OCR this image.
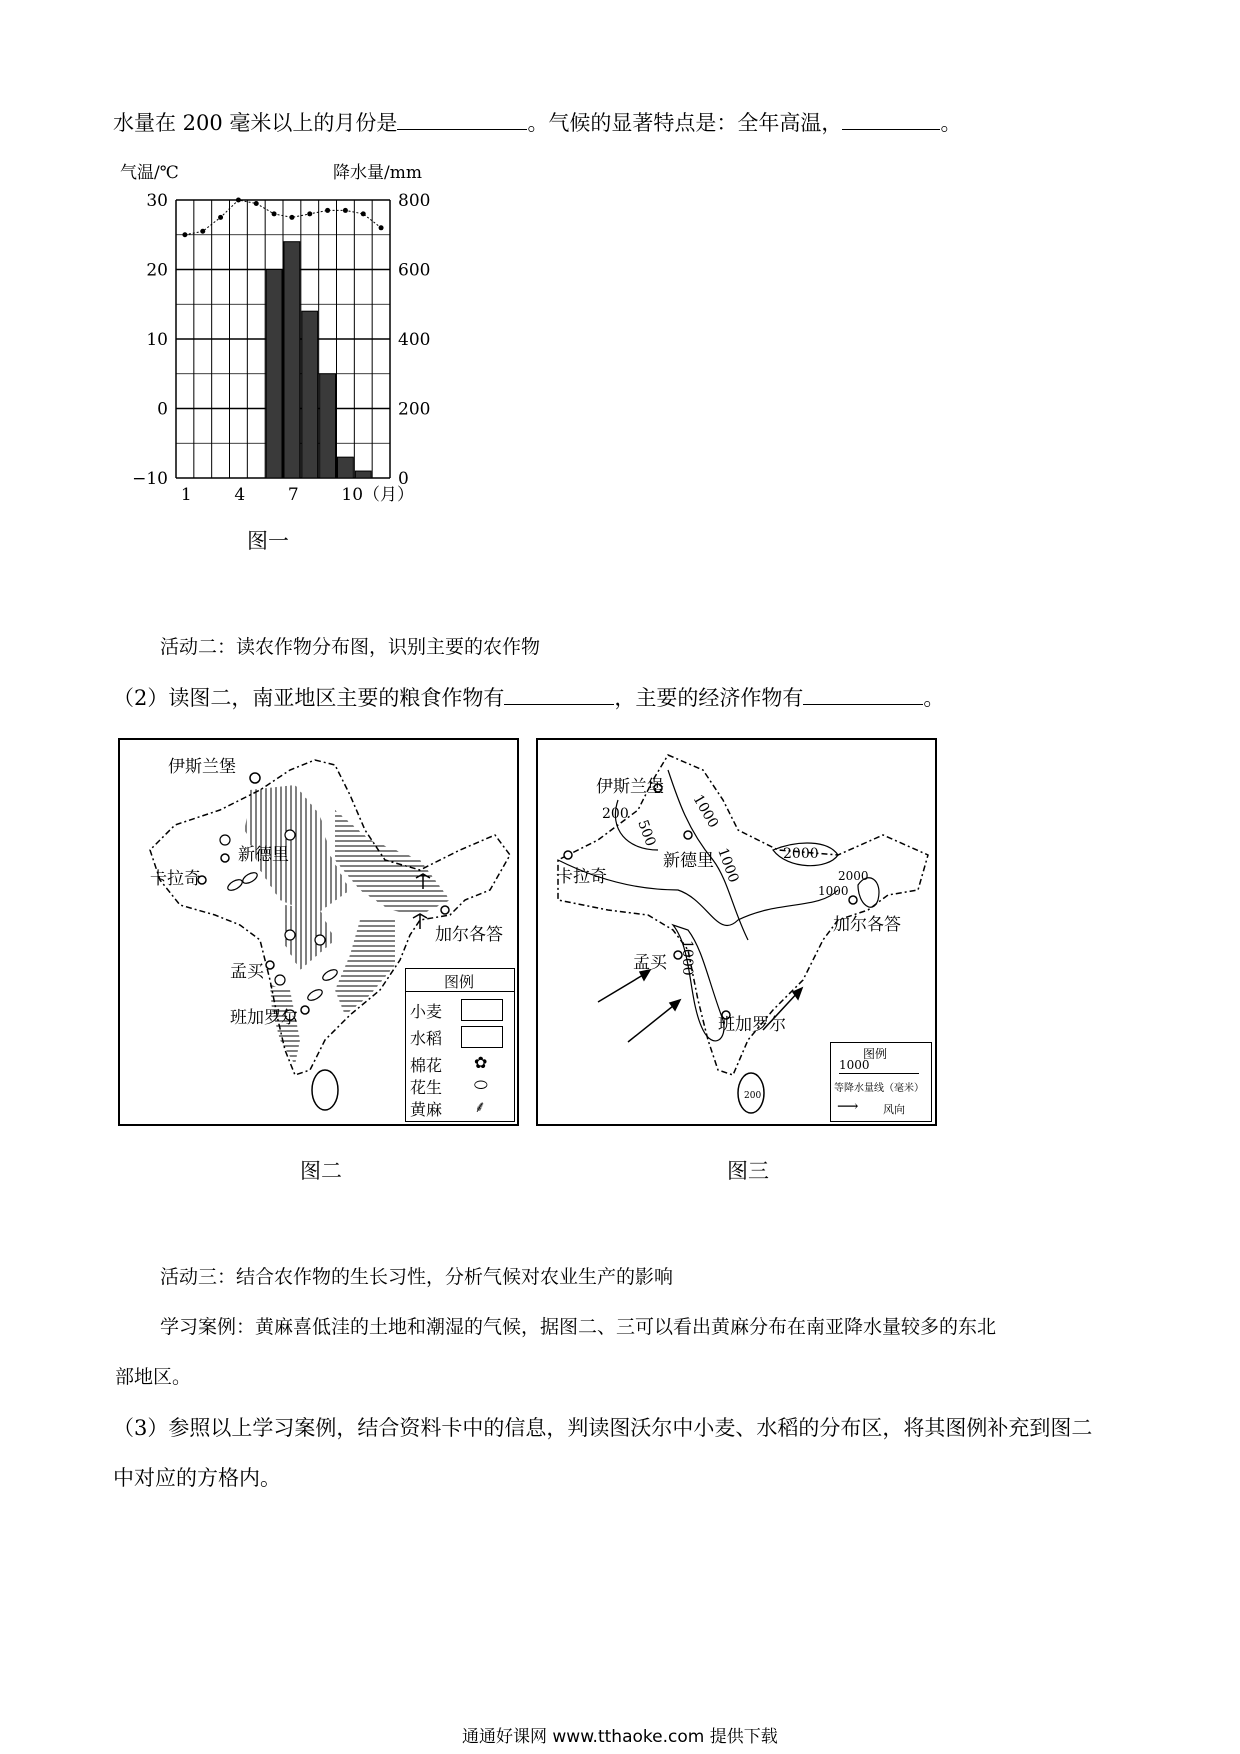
水量在 200 毫米以上的月份是	。气候的显著特点是：全年高温，	。
30
20
10
0
−10
800
600
400
200
0
1	4	7	10（月）
气温/℃	降水量/mm
图一
活动二：读农作物分布图，识别主要的农作物
（2）读图二，南亚地区主要的粮食作物有	，主要的经济作物有	。
伊斯兰堡
新德里
卡拉奇
加尔各答
孟买
班加罗尔
图例
小麦
水稻
棉花 ✿
花生 ⬭
黄麻 ⸙
图二
200
500
1000
1000	2000
1000
1000
2000
200
伊斯兰堡
新德里
卡拉奇
加尔各答
孟买
班加罗尔
图例
1000
等降水量线（毫米）
⟶ 风向
图三
活动三：结合农作物的生长习性，分析气候对农业生产的影响
学习案例：黄麻喜低洼的土地和潮湿的气候，据图二、三可以看出黄麻分布在南亚降水量较多的东北
部地区。
（3）参照以上学习案例，结合资料卡中的信息，判读图沃尔中小麦、水稻的分布区，将其图例补充到图二
中对应的方格内。
通通好课网 www.tthaoke.com 提供下载
